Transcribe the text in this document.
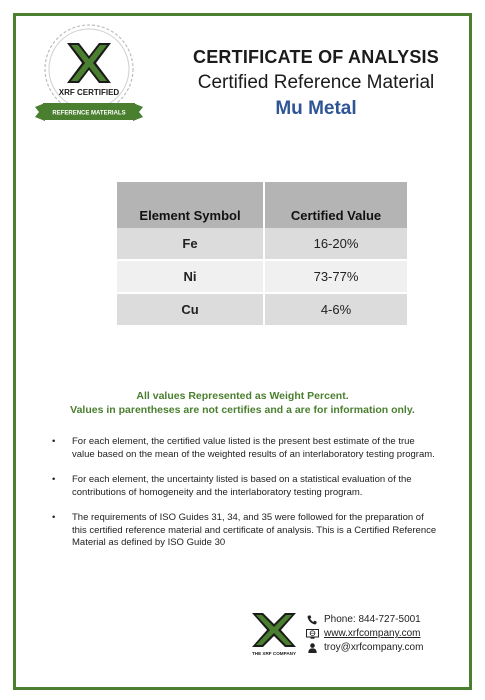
XRF CERTIFIED
REFERENCE MATERIALS
CERTIFICATE OF ANALYSIS
Certified Reference Material
Mu Metal
Element Symbol	Certified Value
Fe	16-20%
Ni	73-77%
Cu	4-6%
All values Represented as Weight Percent.
Values in parentheses are not certifies and a are for information only.
• For each element, the certified value listed is the present best estimate of the true value based on the mean of the weighted results of an interlaboratory testing program.
• For each element, the uncertainty listed is based on a statistical evaluation of the contributions of homogeneity and the interlaboratory testing program.
• The requirements of ISO Guides 31, 34, and 35 were followed for the preparation of this certified reference material and certificate of analysis. This is a Certified Reference Material as defined by ISO Guide 30
THE XRF COMPANY
Phone: 844-727-5001
www.xrfcompany.com
troy@xrfcompany.com
